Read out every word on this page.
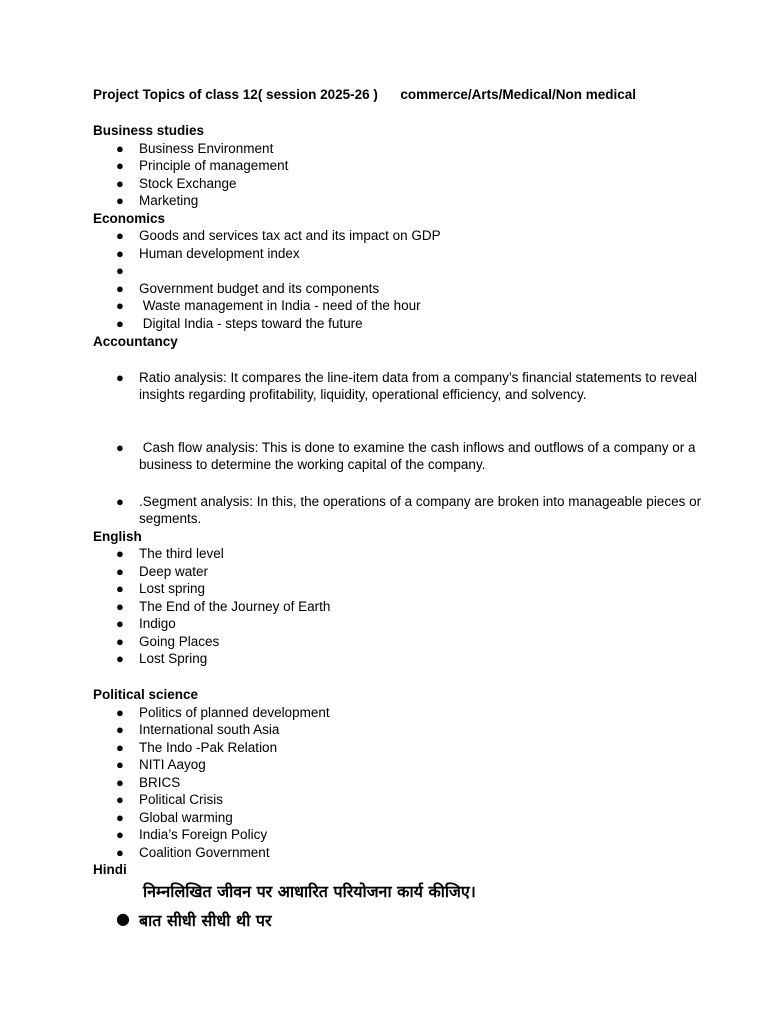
Project Topics of class 12( session 2025-26 )      commerce/Arts/Medical/Non medical
Business studies
● Business Environment
● Principle of management
● Stock Exchange
● Marketing
Economics
● Goods and services tax act and its impact on GDP
● Human development index
●
● Government budget and its components
● Waste management in India - need of the hour
● Digital India - steps toward the future
Accountancy
● Ratio analysis: It compares the line-item data from a company’s financial statements to reveal insights regarding profitability, liquidity, operational efficiency, and solvency.
● Cash flow analysis: This is done to examine the cash inflows and outflows of a company or a business to determine the working capital of the company.
● .Segment analysis: In this, the operations of a company are broken into manageable pieces or segments.
English
● The third level
● Deep water
● Lost spring
● The End of the Journey of Earth
● Indigo
● Going Places
● Lost Spring
Political science
● Politics of planned development
● International south Asia
● The Indo -Pak Relation
● NITI Aayog
● BRICS
● Political Crisis
● Global warming
● India’s Foreign Policy
● Coalition Government
Hindi
निम्नलिखित जीवन पर आधारित परियोजना कार्य कीजिए।
● बात सीधी सीधी थी पर
